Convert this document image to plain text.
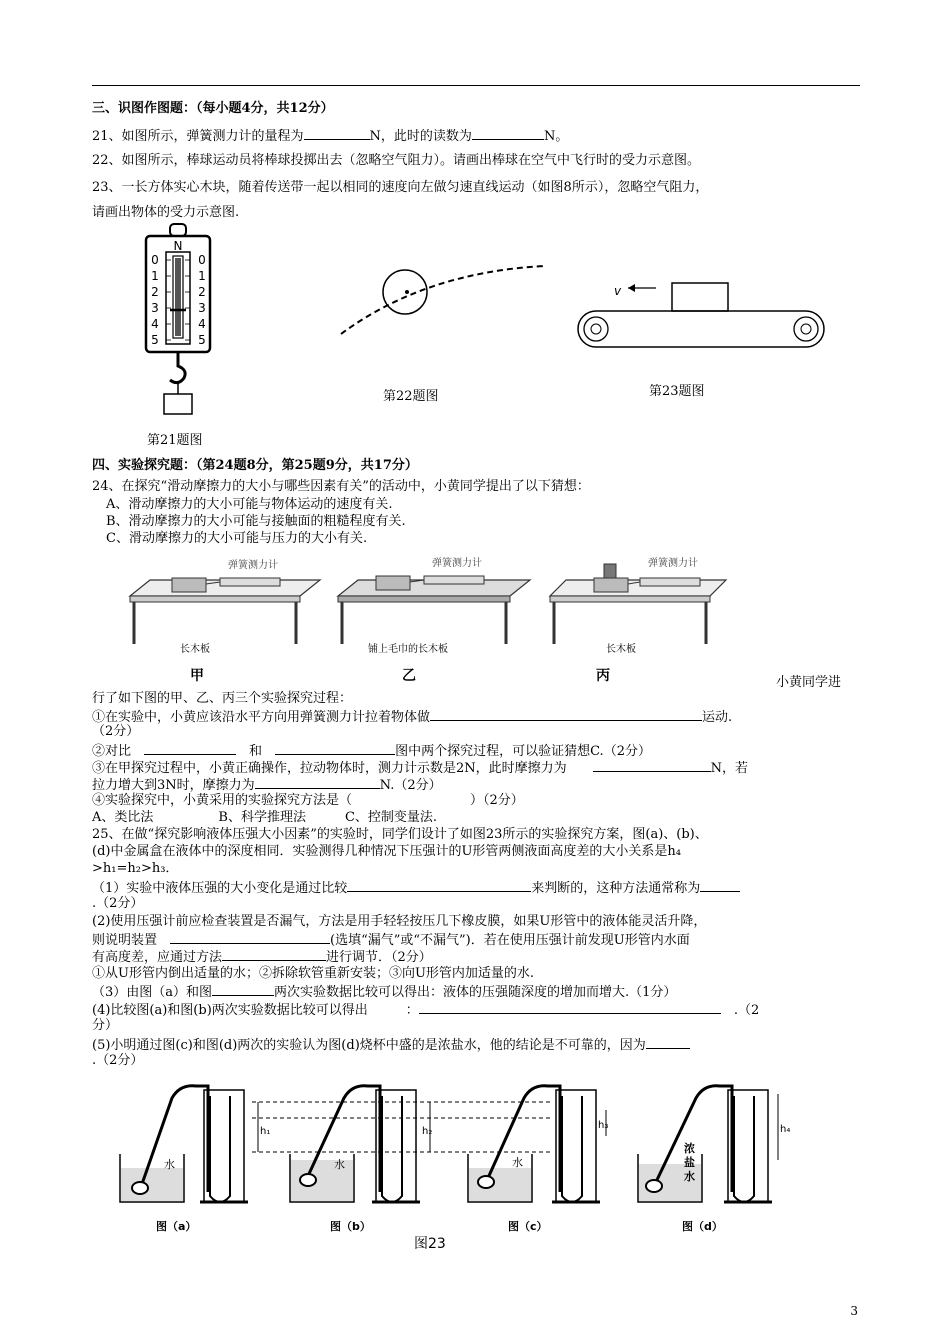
三、识图作图题：（每小题4分，共12分）
21、如图所示，弹簧测力计的量程为	N，此时的读数为	N。
22、如图所示，棒球运动员将棒球投掷出去（忽略空气阻力）。请画出棒球在空气中飞行时的受力示意图。
23、一长方体实心木块，随着传送带一起以相同的速度向左做匀速直线运动（如图8所示），忽略空气阻力，
请画出物体的受力示意图.
N
0
1
2
3
4
5
0
1
2
3
4
5
第21题图
第22题图
v
第23题图
四、实验探究题：（第24题8分，第25题9分，共17分）
24、在探究“滑动摩擦力的大小与哪些因素有关”的活动中，小黄同学提出了以下猜想：
A、滑动摩擦力的大小可能与物体运动的速度有关.
B、滑动摩擦力的大小可能与接触面的粗糙程度有关.
C、滑动摩擦力的大小可能与压力的大小有关.
弹簧测力计
长木板
甲
弹簧测力计
铺上毛巾的长木板
乙
弹簧测力计
长木板
丙	小黄同学进
行了如下图的甲、乙、丙三个实验探究过程：
①在实验中，小黄应该沿水平方向用弹簧测力计拉着物体做	运动.
（2分）
②对比　　	和　	图中两个探究过程，可以验证猜想C.（2分）
③在甲探究过程中，小黄正确操作，拉动物体时，测力计示数是2N，此时摩擦力为　　	N，若
拉力增大到3N时，摩擦力为	N.（2分）
④实验探究中，小黄采用的实验探究方法是（	）（2分）
A、类比法　　　　　B、科学推理法　　　C、控制变量法.
25、在做“探究影响液体压强大小因素”的实验时，同学们设计了如图23所示的实验探究方案，图(a)、(b)、
(d)中金属盒在液体中的深度相同．实验测得几种情况下压强计的U形管两侧液面高度差的大小关系是h₄
>h₁=h₂>h₃．
（1）实验中液体压强的大小变化是通过比较	来判断的，这种方法通常称为
.（2分）
(2)使用压强计前应检查装置是否漏气，方法是用手轻轻按压几下橡皮膜，如果U形管中的液体能灵活升降，
则说明装置　	(选填“漏气”或“不漏气”)．若在使用压强计前发现U形管内水面
有高度差，应通过方法	进行调节．（2分）
①从U形管内倒出适量的水；②拆除软管重新安装；③向U形管内加适量的水.
（3）由图（a）和图	两次实验数据比较可以得出：液体的压强随深度的增加而增大.（1分）
(4)比较图(a)和图(b)两次实验数据比较可以得出	：　	.（2
分）
(5)小明通过图(c)和图(d)两次的实验认为图(d)烧杯中盛的是浓盐水，他的结论是不可靠的，因为
.（2分）
水
h₁
图（a）
水
h₂
图（b）
水
h₃
图（c）
浓
盐
水
h₄
图（d）
图23
3
